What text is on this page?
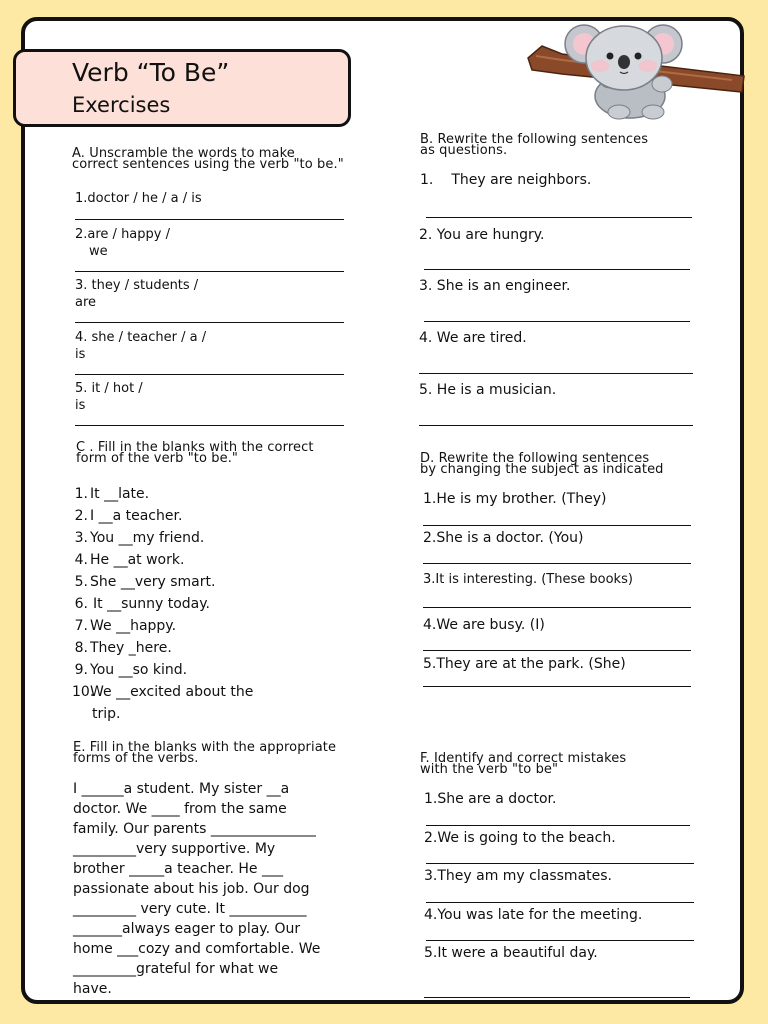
Verb “To Be”
Exercises
A. Unscramble the words to make
correct sentences using the verb "to be."
1.doctor / he / a / is
2.are / happy /
we
3. they / students /
are
4. she / teacher / a /
is
5. it / hot /
is
B. Rewrite the following sentences
as questions.
1. They are neighbors.
2. You are hungry.
3. She is an engineer.
4. We are tired.
5. He is a musician.
C . Fill in the blanks with the correct
form of the verb "to be."
1. It __late.
2. I __a teacher.
3. You __my friend.
4. He __at work.
5. She __very smart.
6. It __sunny today.
7. We __happy.
8. They _here.
9. You __so kind.
10.We __excited about the
trip.
D. Rewrite the following sentences
by changing the subject as indicated
1.He is my brother. (They)
2.She is a doctor. (You)
3.It is interesting. (These books)
4.We are busy. (I)
5.They are at the park. (She)
E. Fill in the blanks with the appropriate
forms of the verbs.
I ______a student. My sister __a
doctor. We ____ from the same
family. Our parents _______________
_________very supportive. My
brother _____a teacher. He ___
passionate about his job. Our dog
_________ very cute. It ___________
_______always eager to play. Our
home ___cozy and comfortable. We
_________grateful for what we
have.
F. Identify and correct mistakes
with the verb "to be"
1.She are a doctor.
2.We is going to the beach.
3.They am my classmates.
4.You was late for the meeting.
5.It were a beautiful day.
